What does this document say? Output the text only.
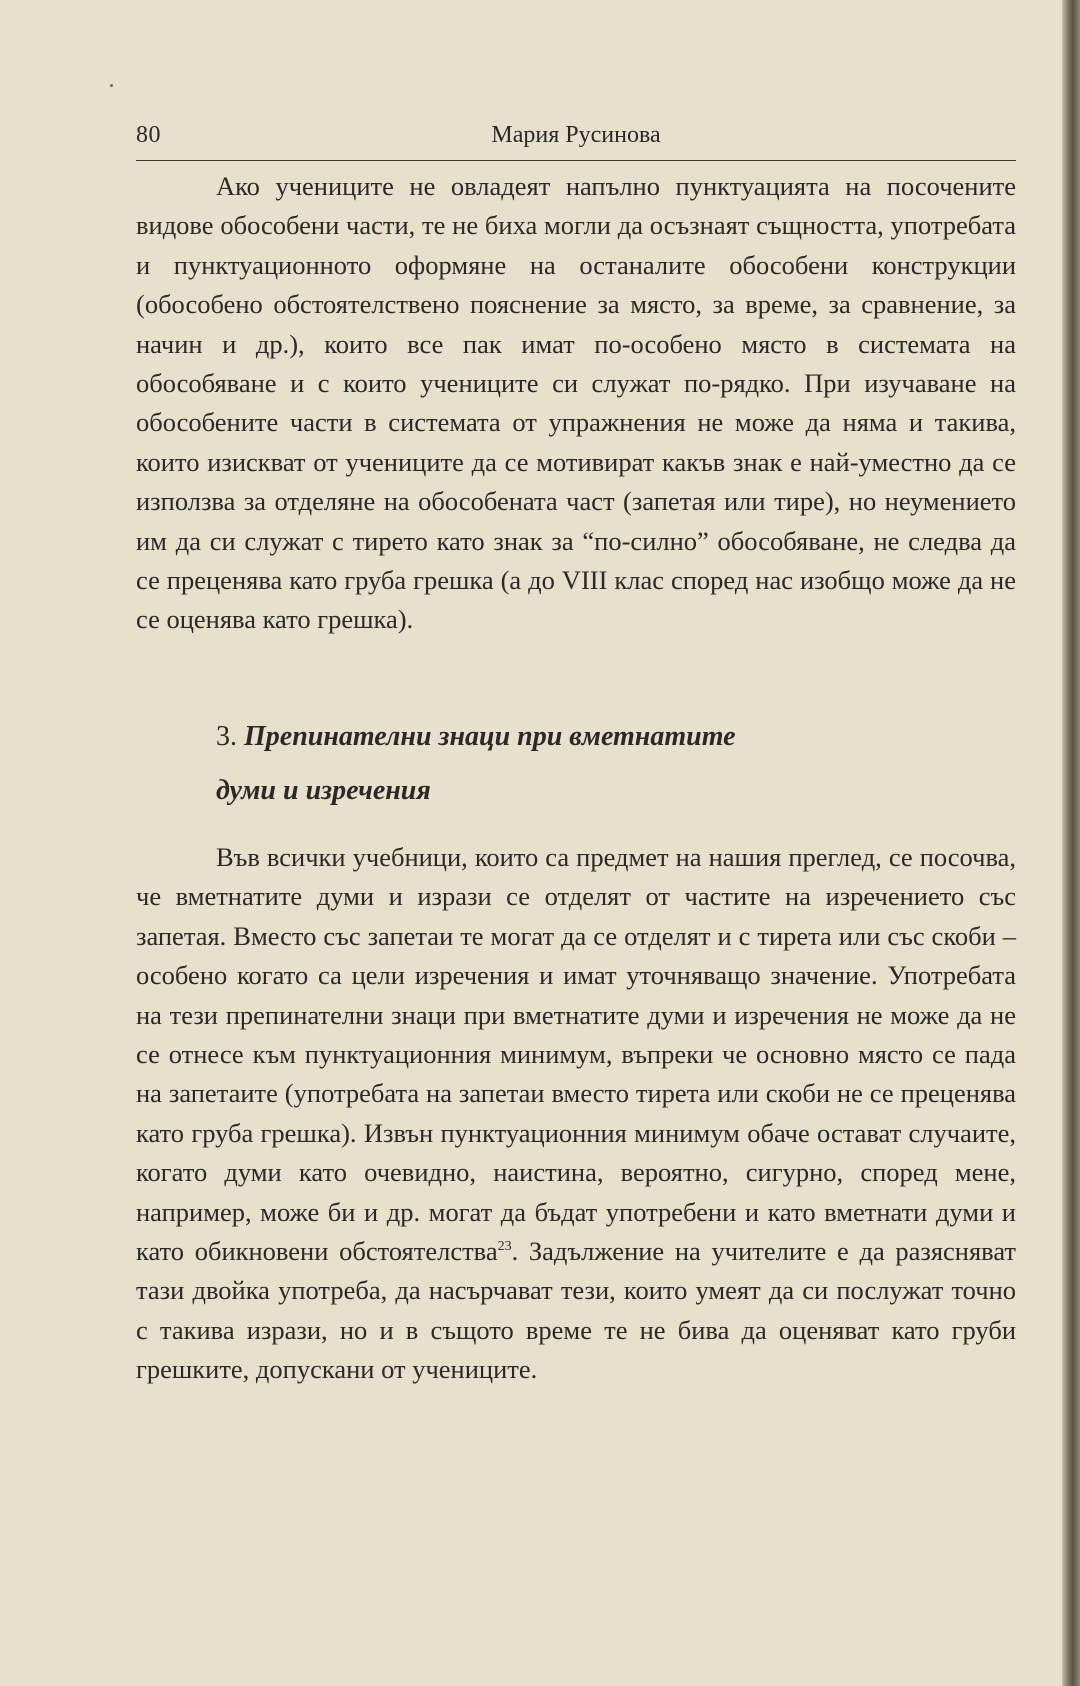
80	Мария Русинова

Ако учениците не овладеят напълно пунктуацията на посочените видове обособени части, те не биха могли да осъзнаят същността, употребата и пунктуационното оформяне на останалите обособени конструкции (обособено обстоятелствено пояснение за място, за време, за сравнение, за начин и др.), които все пак имат по-особено място в системата на обособяване и с които учениците си служат по-рядко. При изучаване на обособените части в системата от упражнения не може да няма и такива, които изискват от учениците да се мотивират какъв знак е най-уместно да се използва за отделяне на обособената част (запетая или тире), но неумението им да си служат с тирето като знак за “по-силно” обособяване, не следва да се преценява като груба грешка (а до VIII клас според нас изобщо може да не се оценява като грешка).

3. Препинателни знаци при вметнатите
думи и изречения

Във всички учебници, които са предмет на нашия преглед, се посочва, че вметнатите думи и изрази се отделят от частите на изречението със запетая. Вместо със запетаи те могат да се отделят и с тирета или със скоби – особено когато са цели изречения и имат уточняващо значение. Употребата на тези препинателни знаци при вметнатите думи и изречения не може да не се отнесе към пунктуационния минимум, въпреки че основно място се пада на запетаите (употребата на запетаи вместо тирета или скоби не се преценява като груба грешка). Извън пунктуационния минимум обаче остават случаите, когато думи като очевидно, наистина, вероятно, сигурно, според мене, например, може би и др. могат да бъдат употребени и като вметнати думи и като обикновени обстоятелства$^{23}$. Задължение на учителите е да разясняват тази двойка употреба, да насърчават тези, които умеят да си послужат точно с такива изрази, но и в същото време те не бива да оценяват като груби грешките, допускани от учениците.
